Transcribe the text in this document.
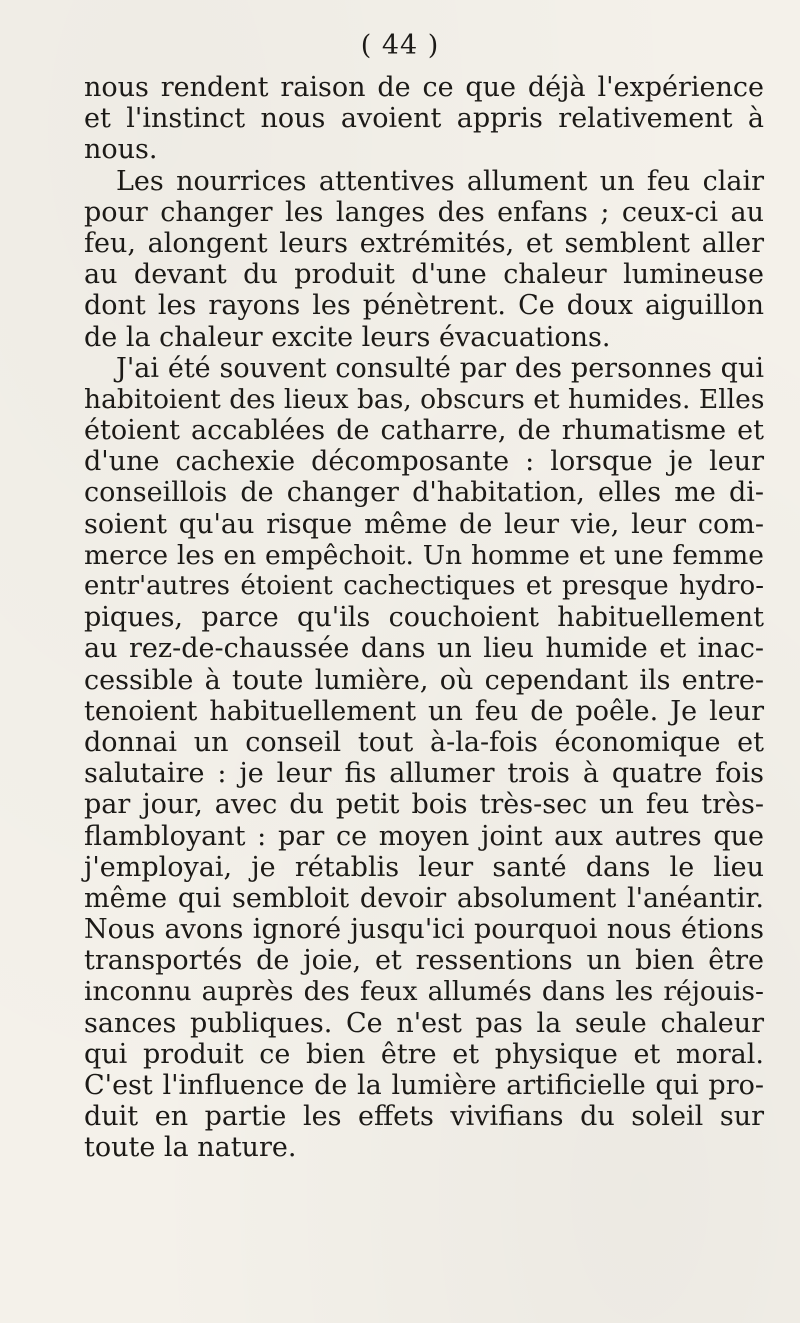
( 44 )
nous rendent raison de ce que déjà l'expérience
et l'instinct nous avoient appris relativement à
nous.
Les nourrices attentives allument un feu clair
pour changer les langes des enfans ; ceux-ci au
feu, alongent leurs extrémités, et semblent aller
au devant du produit d'une chaleur lumineuse
dont les rayons les pénètrent. Ce doux aiguillon
de la chaleur excite leurs évacuations.
J'ai été souvent consulté par des personnes qui
habitoient des lieux bas, obscurs et humides. Elles
étoient accablées de catharre, de rhumatisme et
d'une cachexie décomposante : lorsque je leur
conseillois de changer d'habitation, elles me di-
soient qu'au risque même de leur vie, leur com-
merce les en empêchoit. Un homme et une femme
entr'autres étoient cachectiques et presque hydro-
piques, parce qu'ils couchoient habituellement
au rez-de-chaussée dans un lieu humide et inac-
cessible à toute lumière, où cependant ils entre-
tenoient habituellement un feu de poêle. Je leur
donnai un conseil tout à-la-fois économique et
salutaire : je leur fis allumer trois à quatre fois
par jour, avec du petit bois très-sec un feu très-
flambloyant : par ce moyen joint aux autres que
j'employai, je rétablis leur santé dans le lieu
même qui sembloit devoir absolument l'anéantir.
Nous avons ignoré jusqu'ici pourquoi nous étions
transportés de joie, et ressentions un bien être
inconnu auprès des feux allumés dans les réjouis-
sances publiques. Ce n'est pas la seule chaleur
qui produit ce bien être et physique et moral.
C'est l'influence de la lumière artificielle qui pro-
duit en partie les effets vivifians du soleil sur
toute la nature.
